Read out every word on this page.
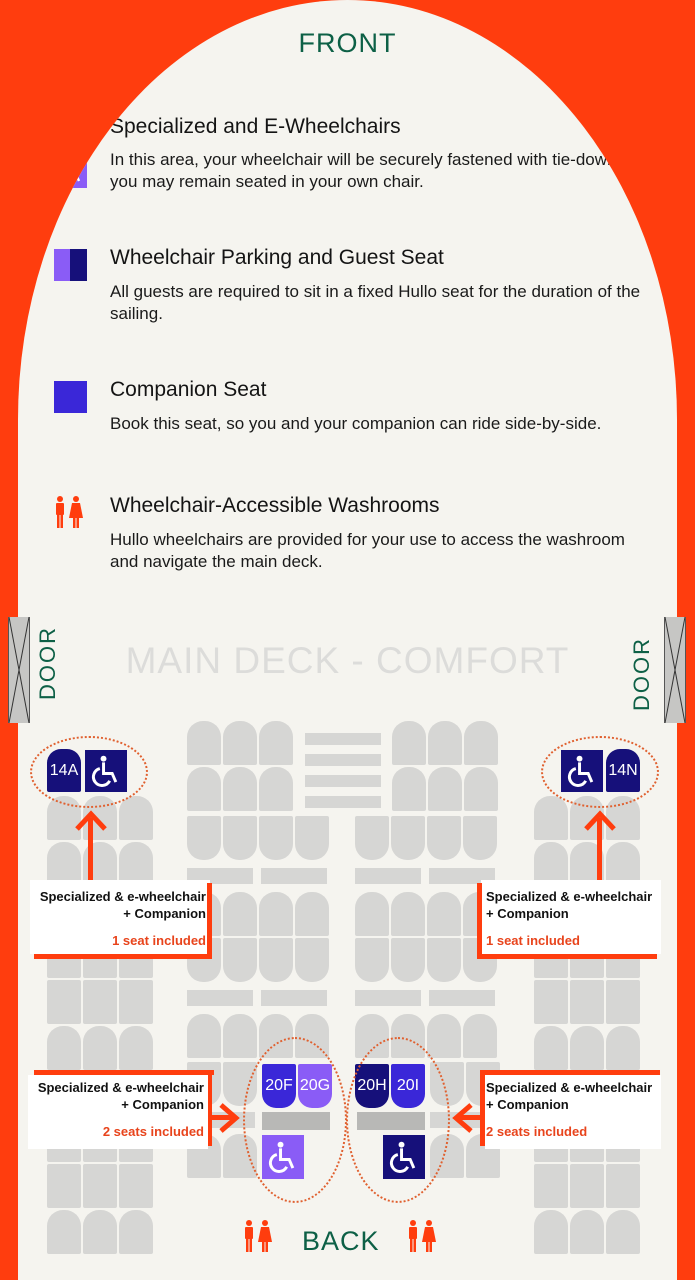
FRONT
Specialized and E-Wheelchairs
In this area, your wheelchair will be securely fastened with tie-downs so you may remain seated in your own chair.
Wheelchair Parking and Guest Seat
All guests are required to sit in a fixed Hullo seat for the duration of the sailing.
Companion Seat
Book this seat, so you and your companion can ride side-by-side.
Wheelchair-Accessible Washrooms
Hullo wheelchairs are provided for your use to access the washroom and navigate the main deck.
MAIN DECK - COMFORT
DOOR	DOOR
14A	14N
20F 20G 20H 20I
Specialized & e-wheelchair
+ Companion
1 seat included
Specialized & e-wheelchair
+ Companion
1 seat included
Specialized & e-wheelchair
+ Companion
2 seats included
Specialized & e-wheelchair
+ Companion
2 seats included
BACK
